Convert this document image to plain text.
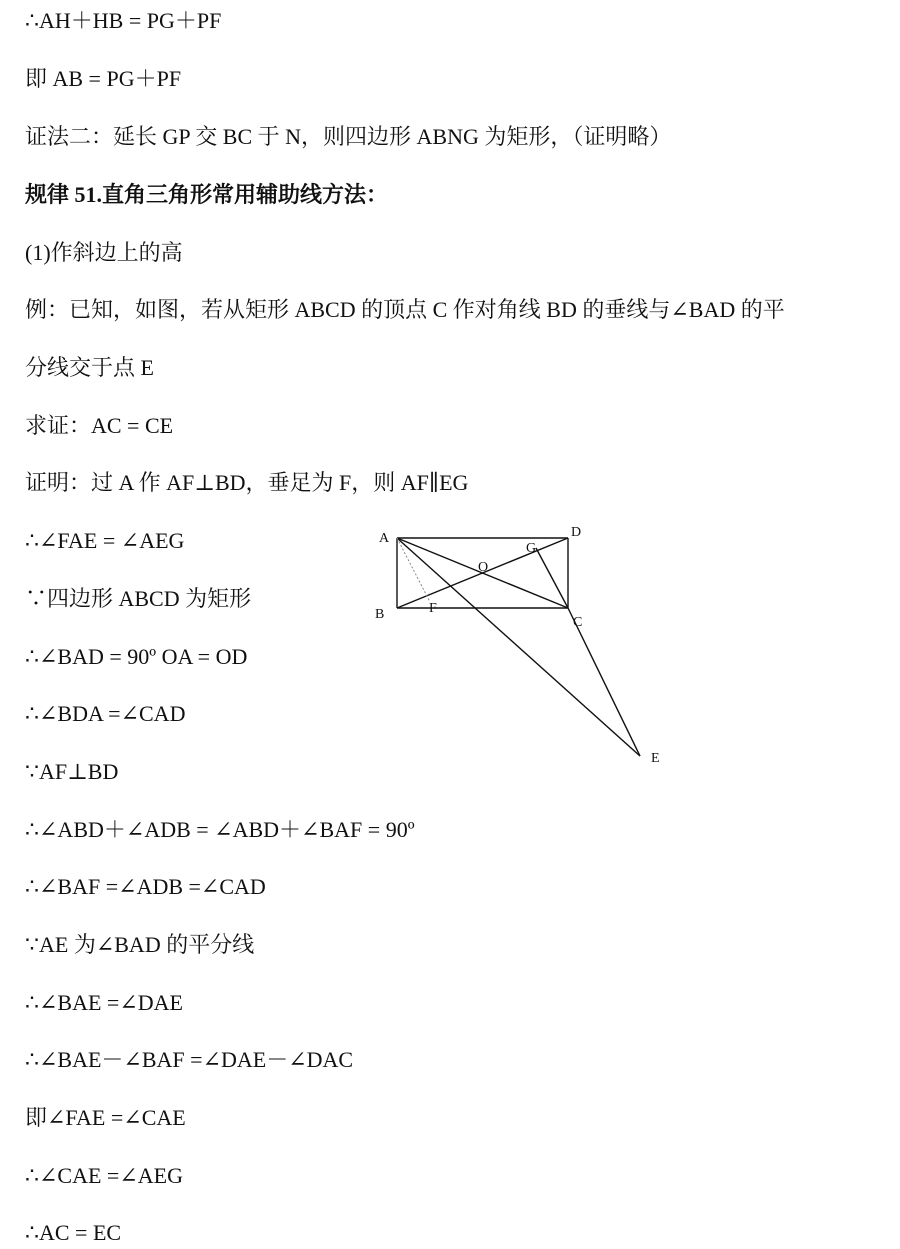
∴AH＋HB = PG＋PF
即 AB = PG＋PF
证法二：延长 GP 交 BC 于 N，则四边形 ABNG 为矩形，（证明略）
规律 51.直角三角形常用辅助线方法：
(1)作斜边上的高
例：已知，如图，若从矩形 ABCD 的顶点 C 作对角线 BD 的垂线与∠BAD 的平
分线交于点 E
求证：AC = CE
证明：过 A 作 AF⊥BD，垂足为 F，则 AF∥EG
∴∠FAE = ∠AEG
∵四边形 ABCD 为矩形
∴∠BAD = 90º OA = OD
∴∠BDA =∠CAD
∵AF⊥BD
∴∠ABD＋∠ADB = ∠ABD＋∠BAF = 90º
∴∠BAF =∠ADB =∠CAD
∵AE 为∠BAD 的平分线
∴∠BAE =∠DAE
∴∠BAE－∠BAF =∠DAE－∠DAC
即∠FAE =∠CAE
∴∠CAE =∠AEG
∴AC = EC
A	D
B
C
E
F
G
O
